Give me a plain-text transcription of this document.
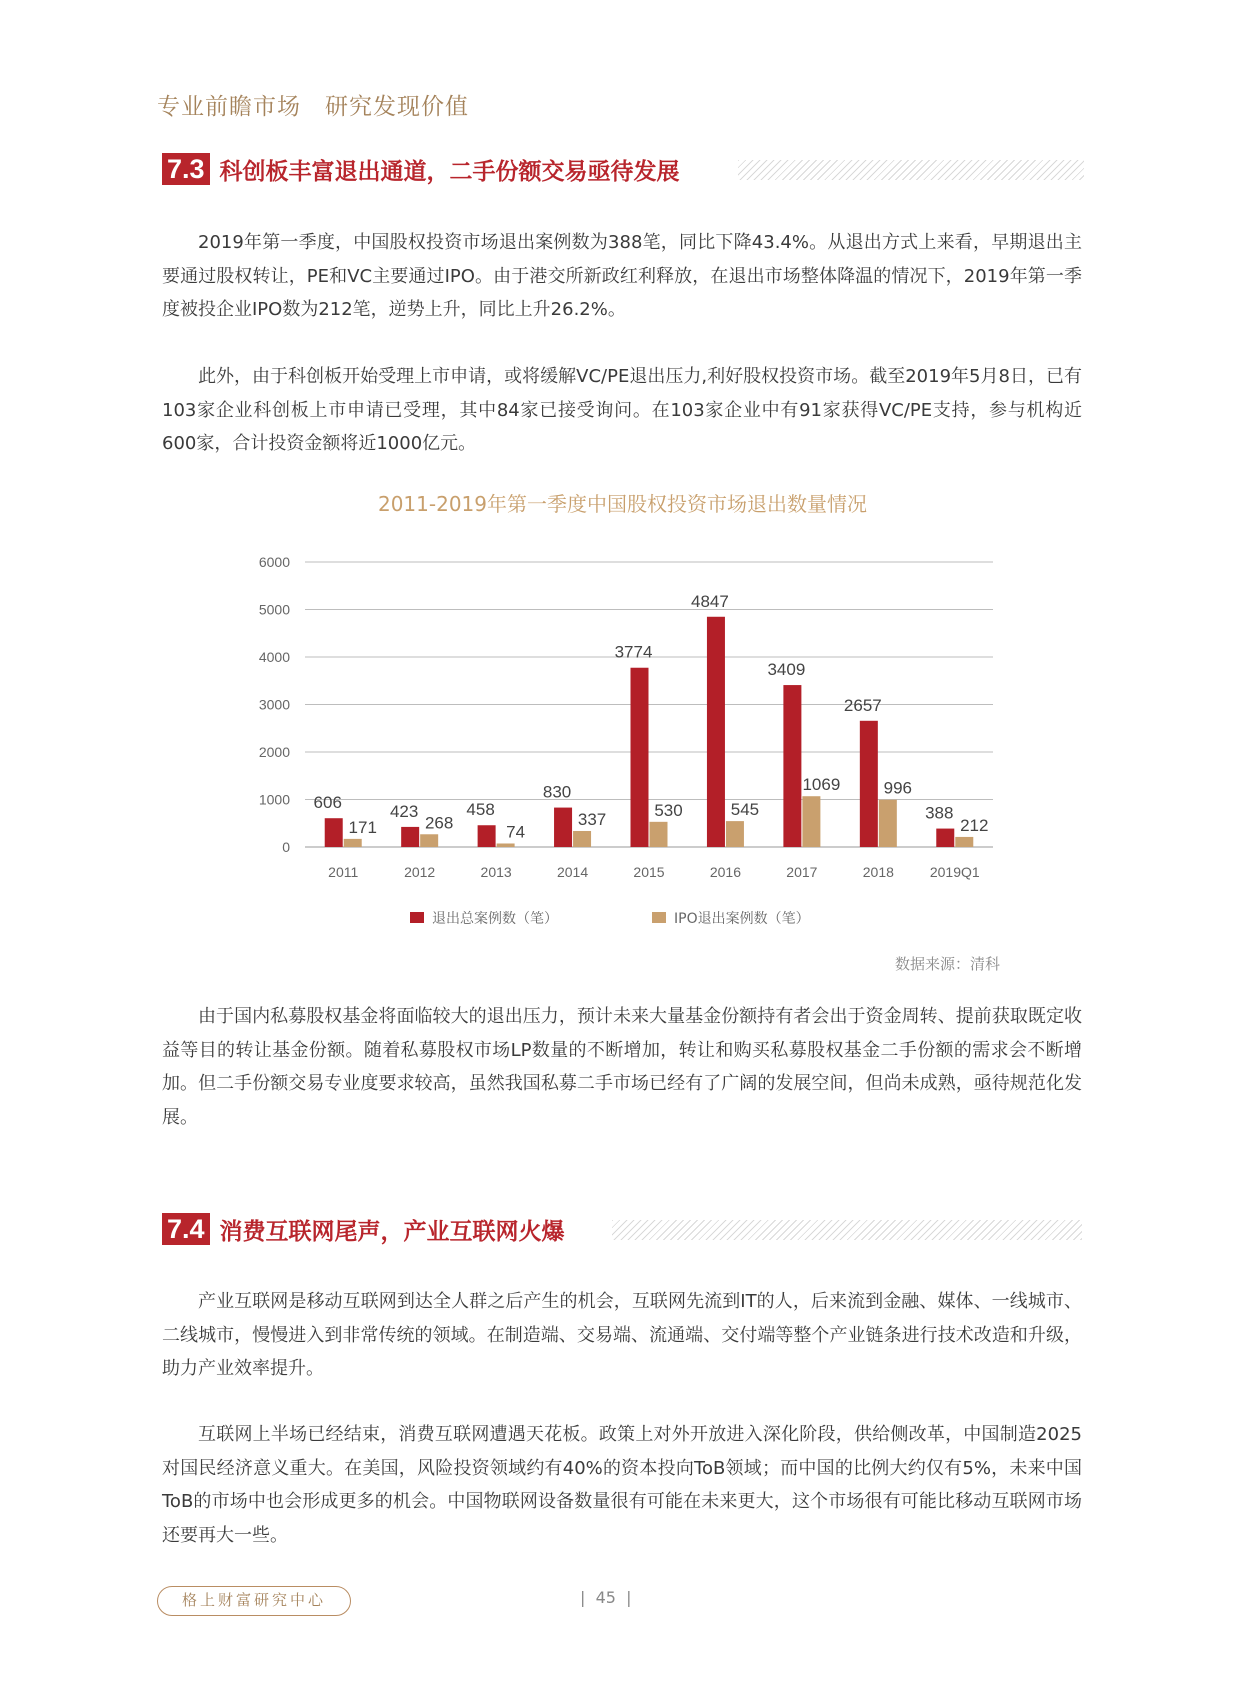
专业前瞻市场　研究发现价值
7.3 科创板丰富退出通道，二手份额交易亟待发展

2019年第一季度，中国股权投资市场退出案例数为388笔，同比下降43.4%。从退出方式上来看，早期退出主要通过股权转让，PE和VC主要通过IPO。由于港交所新政红利释放，在退出市场整体降温的情况下，2019年第一季度被投企业IPO数为212笔，逆势上升，同比上升26.2%。

此外，由于科创板开始受理上市申请，或将缓解VC/PE退出压力,利好股权投资市场。截至2019年5月8日，已有103家企业科创板上市申请已受理，其中84家已接受询问。在103家企业中有91家获得VC/PE支持，参与机构近600家，合计投资金额将近1000亿元。

2011-2019年第一季度中国股权投资市场退出数量情况
0
1000
2000
3000
4000
5000
6000
606
171
2011
423
268
2012
458
74
2013
830
337
2014
3774
530
2015
4847
545
2016
3409
1069
2017
2657
996
2018
388
212
2019Q1
退出总案例数（笔）	IPO退出案例数（笔）
数据来源：清科

由于国内私募股权基金将面临较大的退出压力，预计未来大量基金份额持有者会出于资金周转、提前获取既定收益等目的转让基金份额。随着私募股权市场LP数量的不断增加，转让和购买私募股权基金二手份额的需求会不断增加。但二手份额交易专业度要求较高，虽然我国私募二手市场已经有了广阔的发展空间，但尚未成熟，亟待规范化发展。

7.4 消费互联网尾声，产业互联网火爆

产业互联网是移动互联网到达全人群之后产生的机会，互联网先流到IT的人，后来流到金融、媒体、一线城市、二线城市，慢慢进入到非常传统的领域。在制造端、交易端、流通端、交付端等整个产业链条进行技术改造和升级，助力产业效率提升。

互联网上半场已经结束，消费互联网遭遇天花板。政策上对外开放进入深化阶段，供给侧改革，中国制造2025对国民经济意义重大。在美国，风险投资领域约有40%的资本投向ToB领域；而中国的比例大约仅有5%，未来中国ToB的市场中也会形成更多的机会。中国物联网设备数量很有可能在未来更大，这个市场很有可能比移动互联网市场还要再大一些。

格上财富研究中心	|  45  |
